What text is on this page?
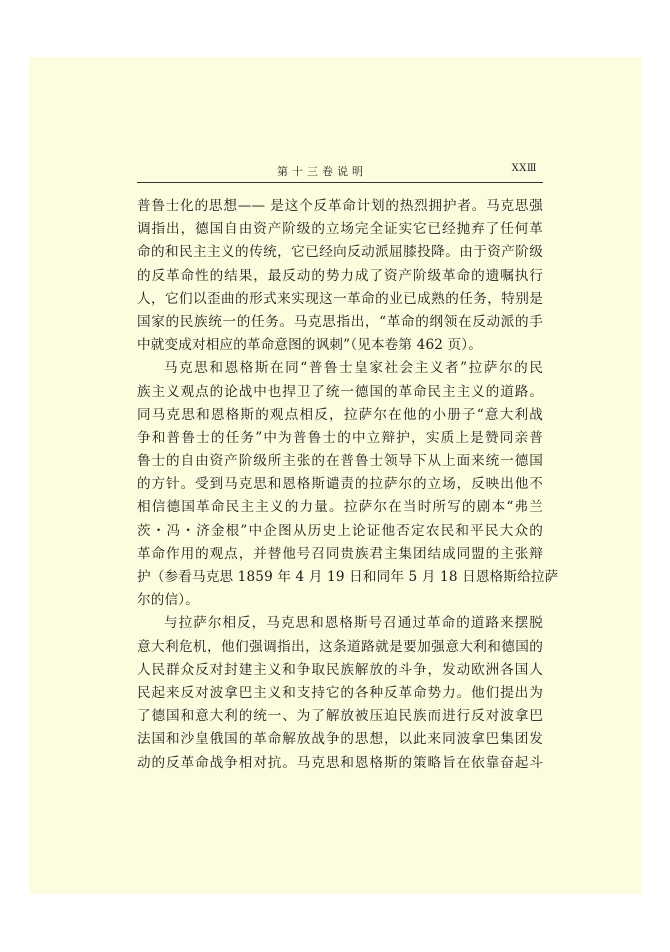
第十三卷说明	XXⅢ
普鲁士化的思想—— 是这个反革命计划的热烈拥护者。马克思强
调指出，德国自由资产阶级的立场完全证实它已经抛弃了任何革
命的和民主主义的传统，它已经向反动派屈膝投降。由于资产阶级
的反革命性的结果，最反动的势力成了资产阶级革命的遗嘱执行
人，它们以歪曲的形式来实现这一革命的业已成熟的任务，特别是
国家的民族统一的任务。马克思指出，“革命的纲领在反动派的手
中就变成对相应的革命意图的讽刺”（见本卷第 462 页）。
马克思和恩格斯在同“普鲁士皇家社会主义者”拉萨尔的民
族主义观点的论战中也捍卫了统一德国的革命民主主义的道路。
同马克思和恩格斯的观点相反，拉萨尔在他的小册子“意大利战
争和普鲁士的任务”中为普鲁士的中立辩护，实质上是赞同亲普
鲁士的自由资产阶级所主张的在普鲁士领导下从上面来统一德国
的方针。受到马克思和恩格斯谴责的拉萨尔的立场，反映出他不
相信德国革命民主主义的力量。拉萨尔在当时所写的剧本“弗兰
茨・冯・济金根”中企图从历史上论证他否定农民和平民大众的
革命作用的观点，并替他号召同贵族君主集团结成同盟的主张辩
护（参看马克思 1859 年 4 月 19 日和同年 5 月 18 日恩格斯给拉萨
尔的信）。
与拉萨尔相反，马克思和恩格斯号召通过革命的道路来摆脱
意大利危机，他们强调指出，这条道路就是要加强意大利和德国的
人民群众反对封建主义和争取民族解放的斗争，发动欧洲各国人
民起来反对波拿巴主义和支持它的各种反革命势力。他们提出为
了德国和意大利的统一、为了解放被压迫民族而进行反对波拿巴
法国和沙皇俄国的革命解放战争的思想，以此来同波拿巴集团发
动的反革命战争相对抗。马克思和恩格斯的策略旨在依靠奋起斗
